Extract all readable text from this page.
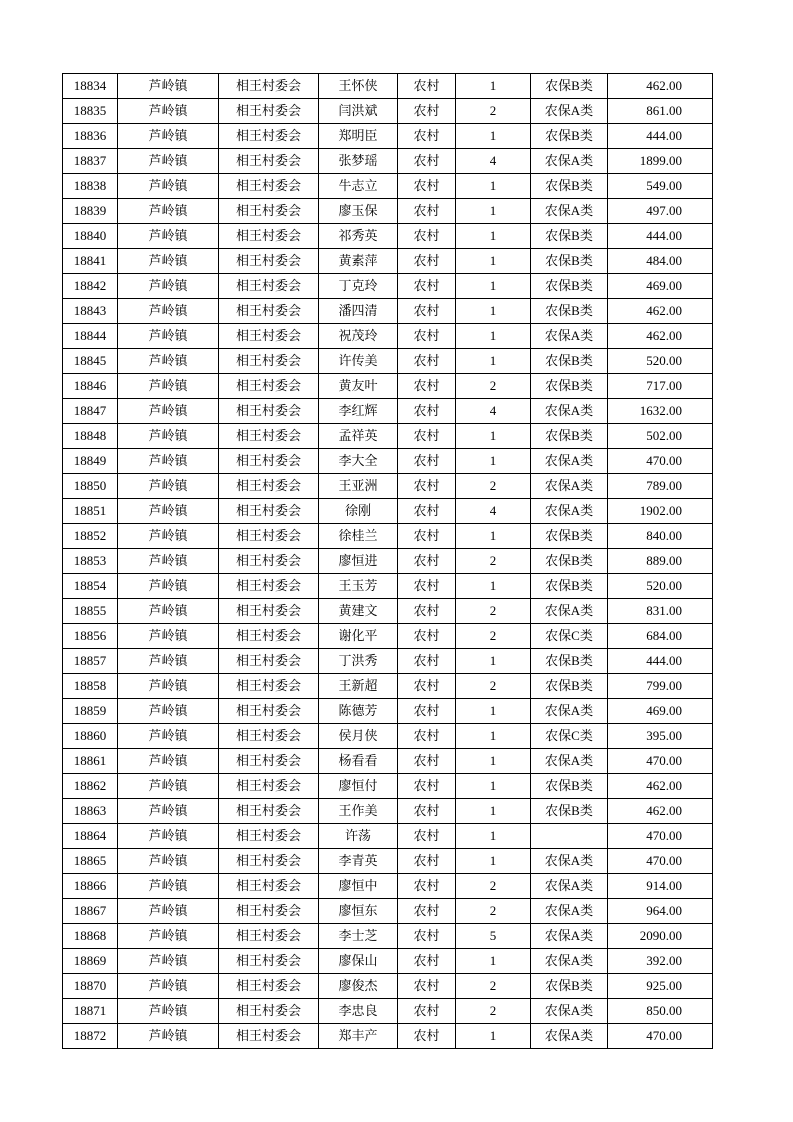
18834	芦岭镇	相王村委会	王怀侠	农村	1	农保B类	462.00
18835	芦岭镇	相王村委会	闫洪斌	农村	2	农保A类	861.00
18836	芦岭镇	相王村委会	郑明臣	农村	1	农保B类	444.00
18837	芦岭镇	相王村委会	张梦瑶	农村	4	农保A类	1899.00
18838	芦岭镇	相王村委会	牛志立	农村	1	农保B类	549.00
18839	芦岭镇	相王村委会	廖玉保	农村	1	农保A类	497.00
18840	芦岭镇	相王村委会	祁秀英	农村	1	农保B类	444.00
18841	芦岭镇	相王村委会	黄素萍	农村	1	农保B类	484.00
18842	芦岭镇	相王村委会	丁克玲	农村	1	农保B类	469.00
18843	芦岭镇	相王村委会	潘四清	农村	1	农保B类	462.00
18844	芦岭镇	相王村委会	祝茂玲	农村	1	农保A类	462.00
18845	芦岭镇	相王村委会	许传美	农村	1	农保B类	520.00
18846	芦岭镇	相王村委会	黄友叶	农村	2	农保B类	717.00
18847	芦岭镇	相王村委会	李红辉	农村	4	农保A类	1632.00
18848	芦岭镇	相王村委会	孟祥英	农村	1	农保B类	502.00
18849	芦岭镇	相王村委会	李大全	农村	1	农保A类	470.00
18850	芦岭镇	相王村委会	王亚洲	农村	2	农保A类	789.00
18851	芦岭镇	相王村委会	徐刚	农村	4	农保A类	1902.00
18852	芦岭镇	相王村委会	徐桂兰	农村	1	农保B类	840.00
18853	芦岭镇	相王村委会	廖恒进	农村	2	农保B类	889.00
18854	芦岭镇	相王村委会	王玉芳	农村	1	农保B类	520.00
18855	芦岭镇	相王村委会	黄建文	农村	2	农保A类	831.00
18856	芦岭镇	相王村委会	谢化平	农村	2	农保C类	684.00
18857	芦岭镇	相王村委会	丁洪秀	农村	1	农保B类	444.00
18858	芦岭镇	相王村委会	王新超	农村	2	农保B类	799.00
18859	芦岭镇	相王村委会	陈德芳	农村	1	农保A类	469.00
18860	芦岭镇	相王村委会	侯月侠	农村	1	农保C类	395.00
18861	芦岭镇	相王村委会	杨看看	农村	1	农保A类	470.00
18862	芦岭镇	相王村委会	廖恒付	农村	1	农保B类	462.00
18863	芦岭镇	相王村委会	王作美	农村	1	农保B类	462.00
18864	芦岭镇	相王村委会	许荡	农村	1		470.00
18865	芦岭镇	相王村委会	李青英	农村	1	农保A类	470.00
18866	芦岭镇	相王村委会	廖恒中	农村	2	农保A类	914.00
18867	芦岭镇	相王村委会	廖恒东	农村	2	农保A类	964.00
18868	芦岭镇	相王村委会	李士芝	农村	5	农保A类	2090.00
18869	芦岭镇	相王村委会	廖保山	农村	1	农保A类	392.00
18870	芦岭镇	相王村委会	廖俊杰	农村	2	农保B类	925.00
18871	芦岭镇	相王村委会	李忠良	农村	2	农保A类	850.00
18872	芦岭镇	相王村委会	郑丰产	农村	1	农保A类	470.00
